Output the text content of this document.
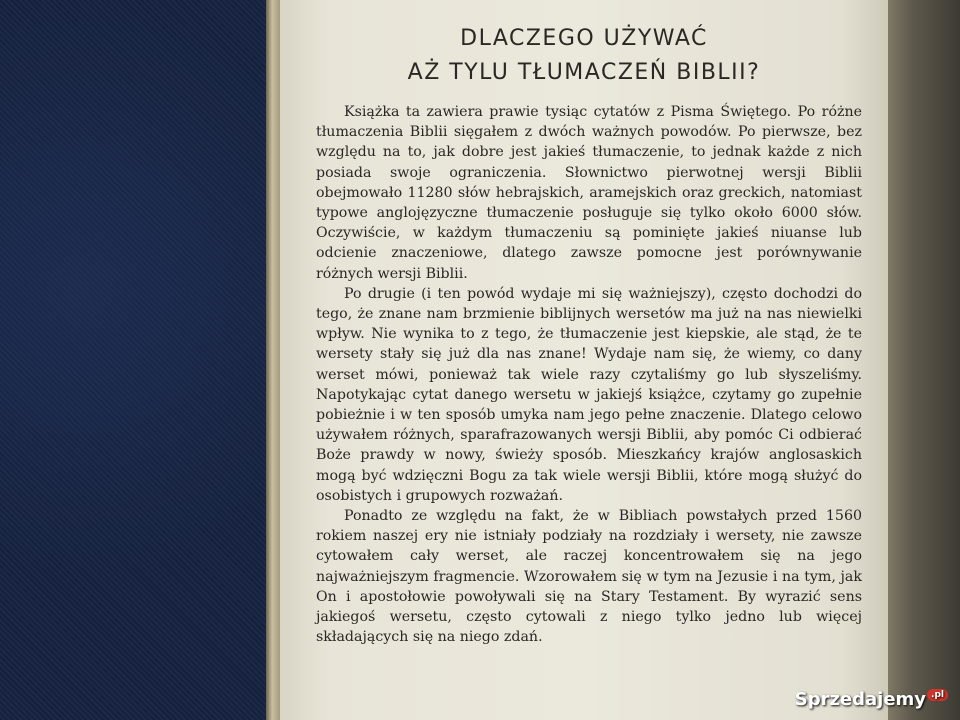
DLACZEGO UŻYWAĆ
AŻ TYLU TŁUMACZEŃ BIBLII?

Książka ta zawiera prawie tysiąc cytatów z Pisma Świętego. Po różne tłumaczenia Biblii sięgałem z dwóch ważnych powodów. Po pierwsze, bez względu na to, jak dobre jest jakieś tłumaczenie, to jednak każde z nich posiada swoje ograniczenia. Słownictwo pierwotnej wersji Biblii obejmowało 11280 słów hebrajskich, aramejskich oraz greckich, natomiast typowe anglojęzyczne tłumaczenie posługuje się tylko około 6000 słów. Oczywiście, w każdym tłumaczeniu są pominięte jakieś niuanse lub odcienie znaczeniowe, dlatego zawsze pomocne jest porównywanie różnych wersji Biblii.

Po drugie (i ten powód wydaje mi się ważniejszy), często dochodzi do tego, że znane nam brzmienie biblijnych wersetów ma już na nas niewielki wpływ. Nie wynika to z tego, że tłumaczenie jest kiepskie, ale stąd, że te wersety stały się już dla nas znane! Wydaje nam się, że wiemy, co dany werset mówi, ponieważ tak wiele razy czytaliśmy go lub słyszeliśmy. Napotykając cytat danego wersetu w jakiejś książce, czytamy go zupełnie pobieżnie i w ten sposób umyka nam jego pełne znaczenie. Dlatego celowo używałem różnych, sparafrazowanych wersji Biblii, aby pomóc Ci odbierać Boże prawdy w nowy, świeży sposób. Mieszkańcy krajów anglosaskich mogą być wdzięczni Bogu za tak wiele wersji Biblii, które mogą służyć do osobistych i grupowych rozważań.

Ponadto ze względu na fakt, że w Bibliach powstałych przed 1560 rokiem naszej ery nie istniały podziały na rozdziały i wersety, nie zawsze cytowałem cały werset, ale raczej koncentrowałem się na jego najważniejszym fragmencie. Wzorowałem się w tym na Jezusie i na tym, jak On i apostołowie powoływali się na Stary Testament. By wyrazić sens jakiegoś wersetu, często cytowali z niego tylko jedno lub więcej składających się na niego zdań.

Sprzedajemy .pl
